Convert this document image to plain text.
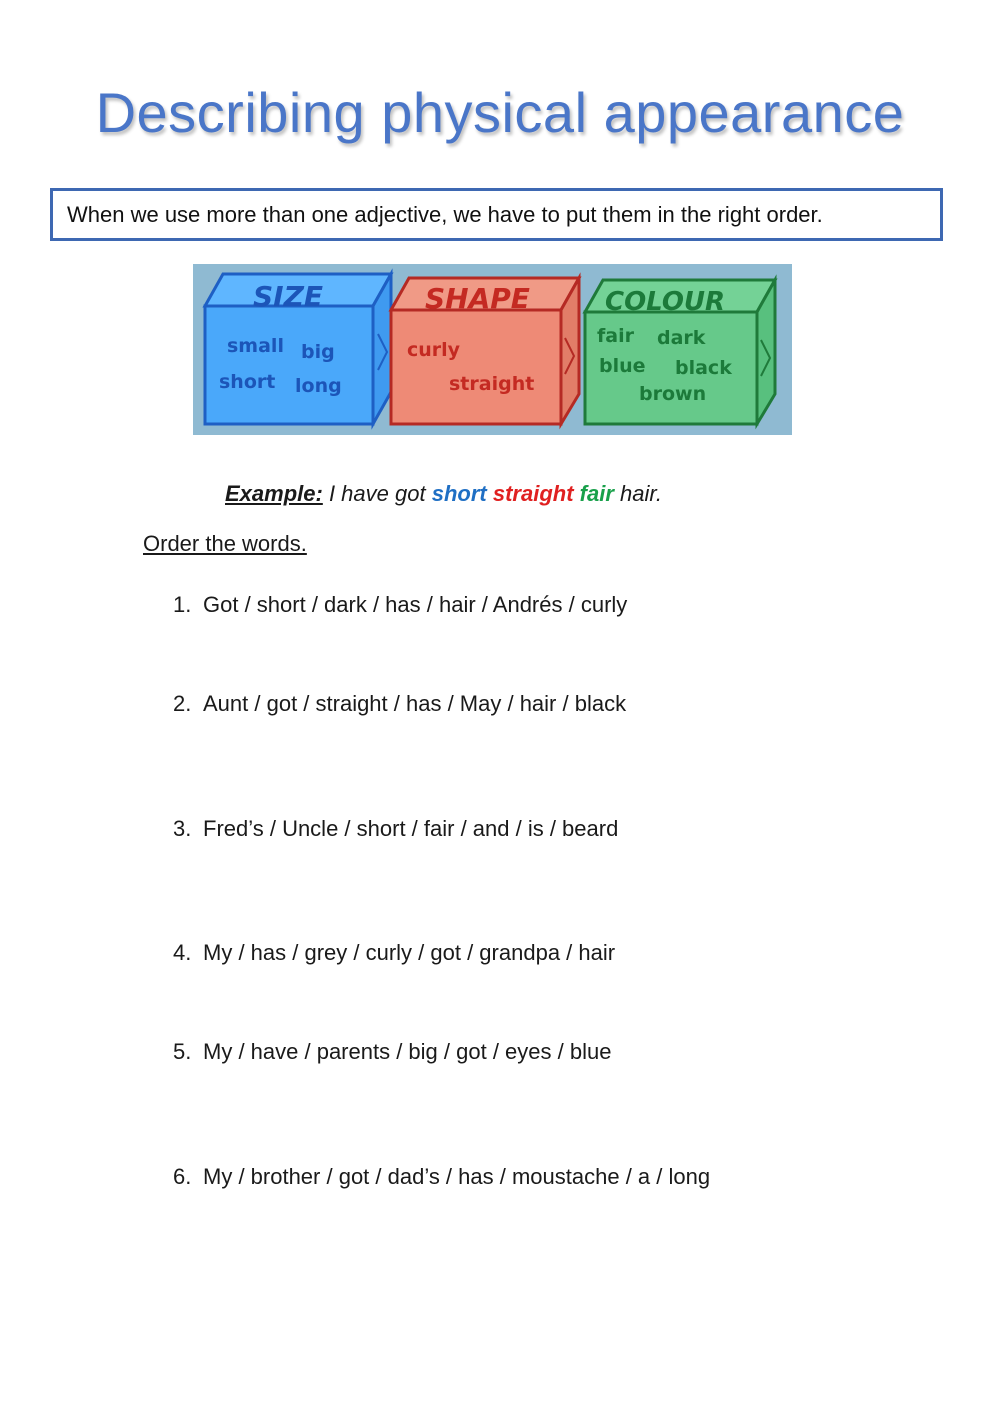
Describing physical appearance
When we use more than one adjective, we have to put them in the right order.
SIZE
small big
short long
SHAPE
curly
straight
COLOUR
fair dark
blue black
brown
Example: I have got short straight fair hair.
Order the words.
1. Got / short / dark / has / hair / Andrés / curly
2. Aunt / got / straight / has / May / hair / black
3. Fred’s / Uncle / short / fair / and / is / beard
4. My / has / grey / curly / got / grandpa / hair
5. My / have / parents / big / got / eyes / blue
6. My / brother / got / dad’s / has / moustache / a / long
